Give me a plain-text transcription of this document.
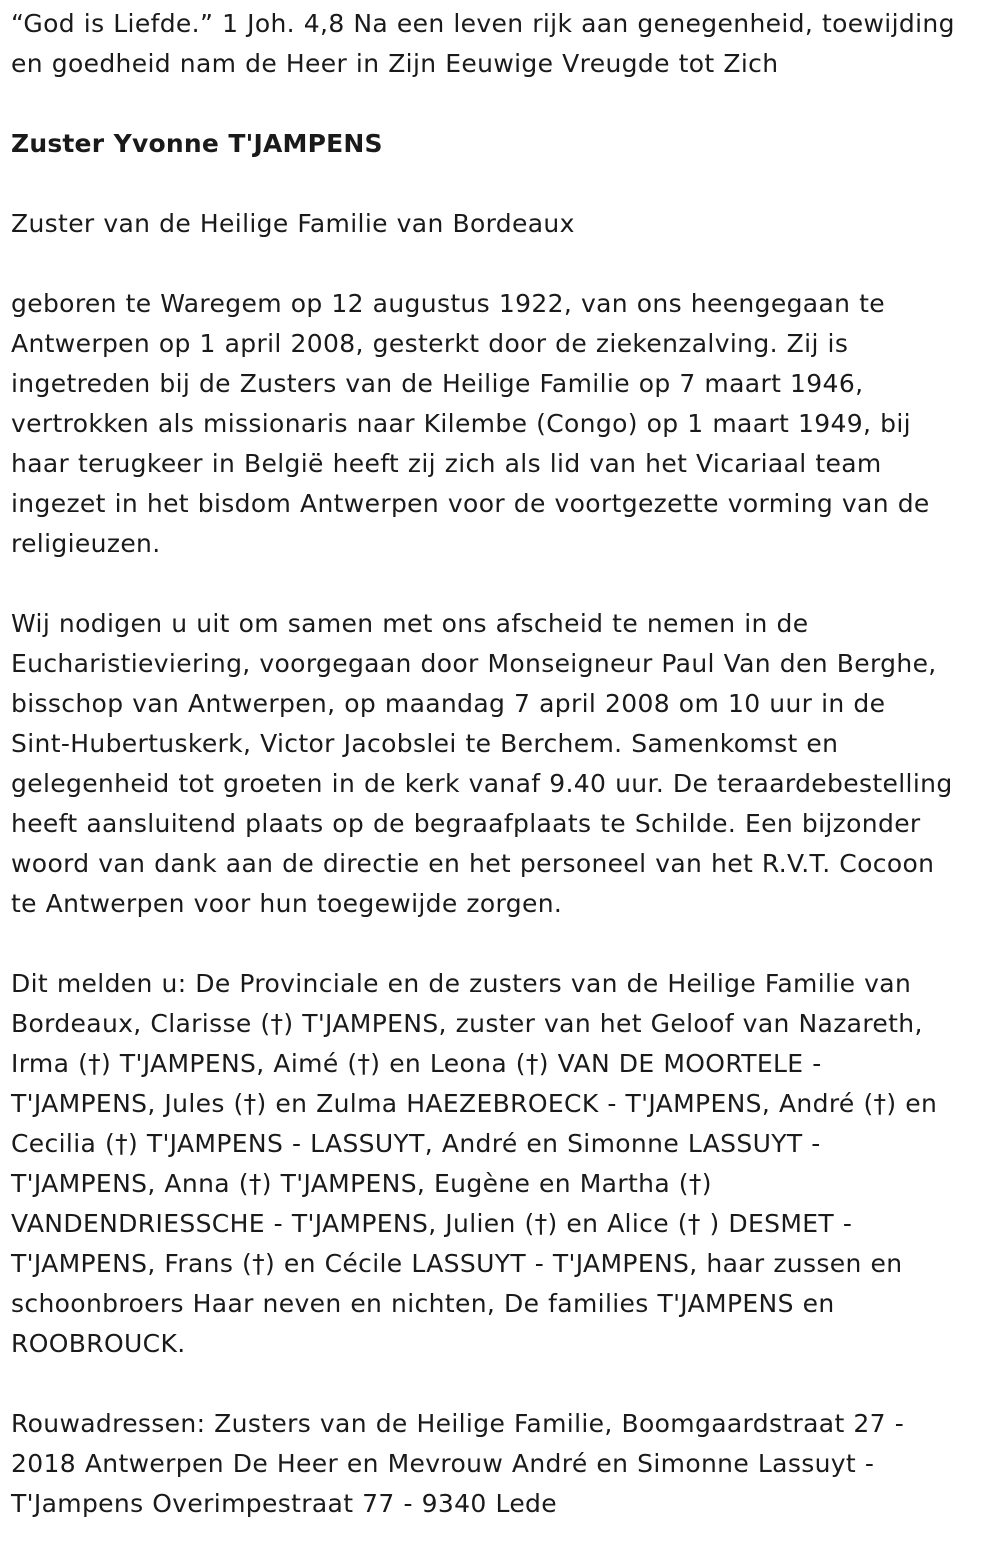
“God is Liefde.” 1 Joh. 4,8 Na een leven rijk aan genegenheid, toewijding

en goedheid nam de Heer in Zijn Eeuwige Vreugde tot Zich

Zuster Yvonne T'JAMPENS

Zuster van de Heilige Familie van Bordeaux

geboren te Waregem op 12 augustus 1922, van ons heengegaan te

Antwerpen op 1 april 2008, gesterkt door de ziekenzalving. Zij is

ingetreden bij de Zusters van de Heilige Familie op 7 maart 1946,

vertrokken als missionaris naar Kilembe (Congo) op 1 maart 1949, bij

haar terugkeer in België heeft zij zich als lid van het Vicariaal team

ingezet in het bisdom Antwerpen voor de voortgezette vorming van de

religieuzen.

Wij nodigen u uit om samen met ons afscheid te nemen in de

Eucharistieviering, voorgegaan door Monseigneur Paul Van den Berghe,

bisschop van Antwerpen, op maandag 7 april 2008 om 10 uur in de

Sint-Hubertuskerk, Victor Jacobslei te Berchem. Samenkomst en

gelegenheid tot groeten in de kerk vanaf 9.40 uur. De teraardebestelling

heeft aansluitend plaats op de begraafplaats te Schilde. Een bijzonder

woord van dank aan de directie en het personeel van het R.V.T. Cocoon

te Antwerpen voor hun toegewijde zorgen.

Dit melden u: De Provinciale en de zusters van de Heilige Familie van

Bordeaux, Clarisse (†) T'JAMPENS, zuster van het Geloof van Nazareth,

Irma (†) T'JAMPENS, Aimé (†) en Leona (†) VAN DE MOORTELE -

T'JAMPENS, Jules (†) en Zulma HAEZEBROECK - T'JAMPENS, André (†) en

Cecilia (†) T'JAMPENS - LASSUYT, André en Simonne LASSUYT -

T'JAMPENS, Anna (†) T'JAMPENS, Eugène en Martha (†)

VANDENDRIESSCHE - T'JAMPENS, Julien (†) en Alice († ) DESMET -

T'JAMPENS, Frans (†) en Cécile LASSUYT - T'JAMPENS, haar zussen en

schoonbroers Haar neven en nichten, De families T'JAMPENS en

ROOBROUCK.

Rouwadressen: Zusters van de Heilige Familie, Boomgaardstraat 27 -

2018 Antwerpen De Heer en Mevrouw André en Simonne Lassuyt -

T'Jampens Overimpestraat 77 - 9340 Lede
